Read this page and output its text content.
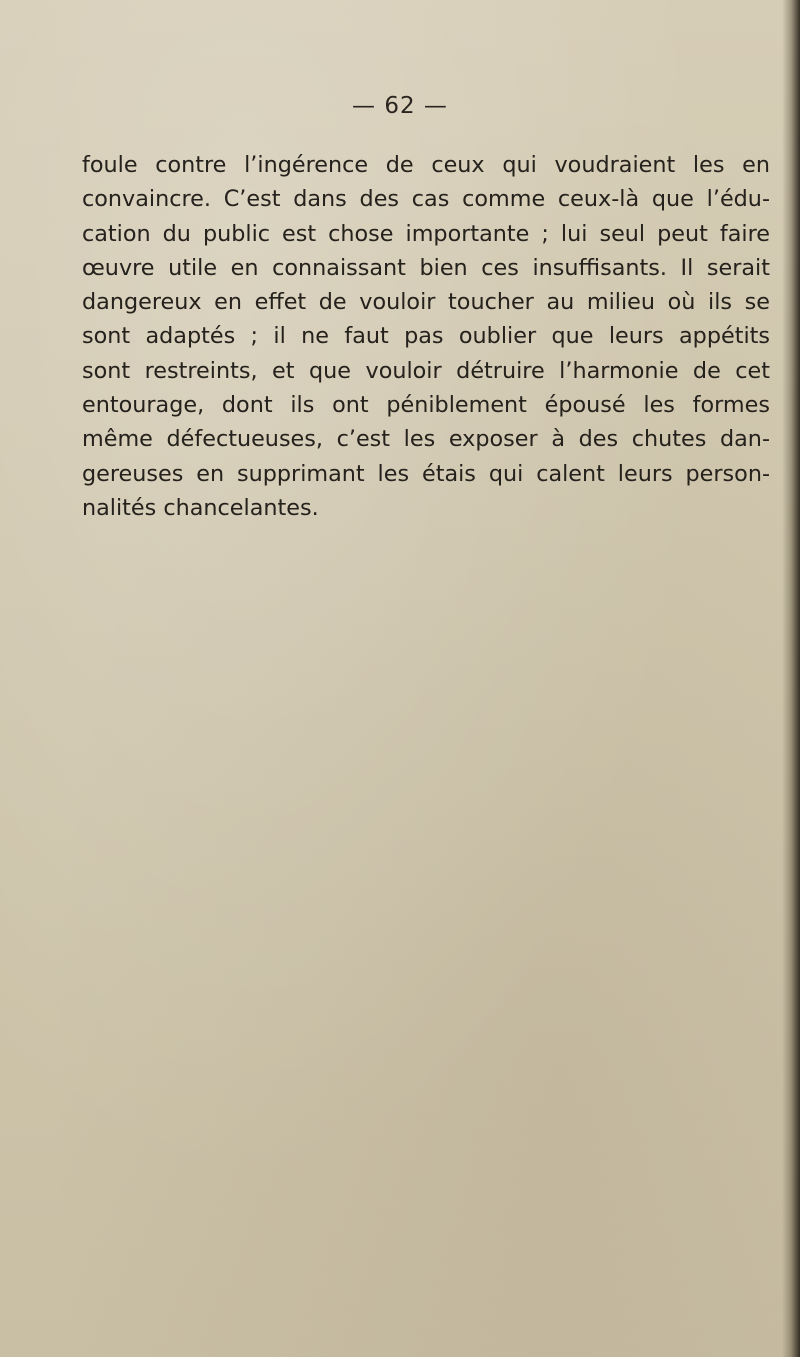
— 62 —
foule contre l’ingérence de ceux qui voudraient les en
convaincre. C’est dans des cas comme ceux-là que l’édu-
cation du public est chose importante ; lui seul peut faire
œuvre utile en connaissant bien ces insuffisants. Il serait
dangereux en effet de vouloir toucher au milieu où ils se
sont adaptés ; il ne faut pas oublier que leurs appétits
sont restreints, et que vouloir détruire l’harmonie de cet
entourage, dont ils ont péniblement épousé les formes
même défectueuses, c’est les exposer à des chutes dan-
gereuses en supprimant les étais qui calent leurs person-
nalités chancelantes.
